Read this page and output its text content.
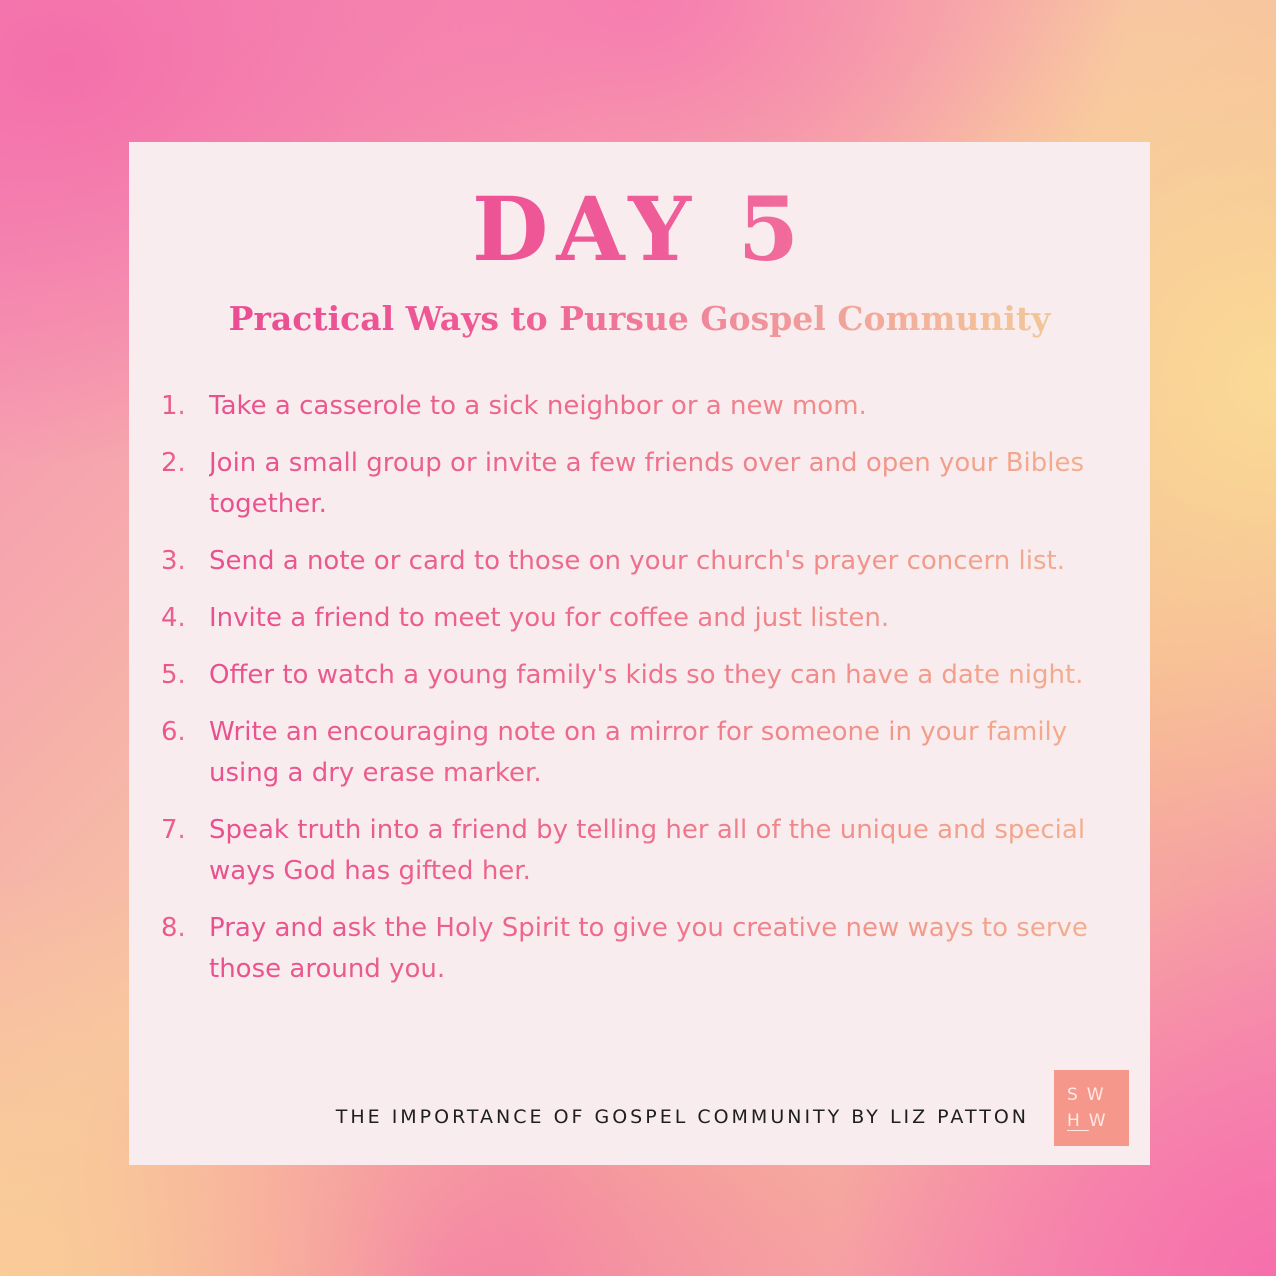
DAY 5
Practical Ways to Pursue Gospel Community
1. Take a casserole to a sick neighbor or a new mom.
2. Join a small group or invite a few friends over and open your Bibles together.
3. Send a note or card to those on your church's prayer concern list.
4. Invite a friend to meet you for coffee and just listen.
5. Offer to watch a young family's kids so they can have a date night.
6. Write an encouraging note on a mirror for someone in your family using a dry erase marker.
7. Speak truth into a friend by telling her all of the unique and special ways God has gifted her.
8. Pray and ask the Holy Spirit to give you creative new ways to serve those around you.
THE IMPORTANCE OF GOSPEL COMMUNITY BY LIZ PATTON
SW
HW
